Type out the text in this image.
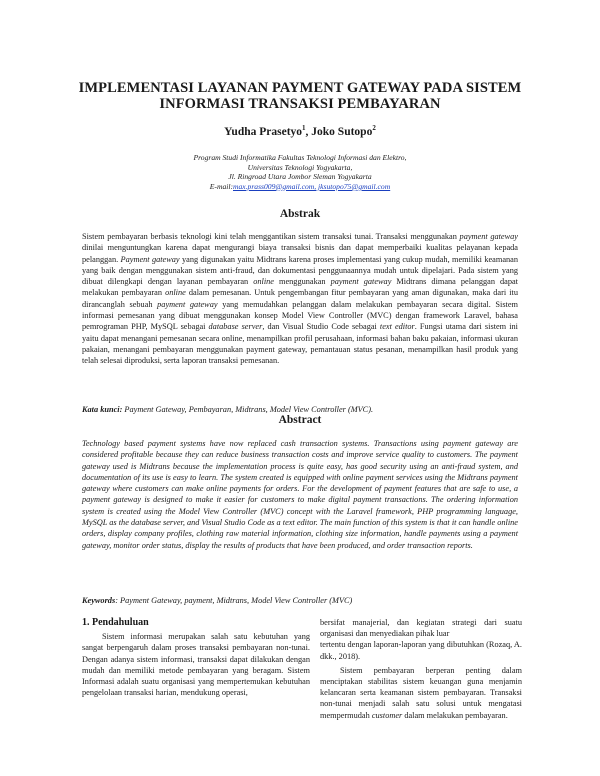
IMPLEMENTASI LAYANAN PAYMENT GATEWAY PADA SISTEM INFORMASI TRANSAKSI PEMBAYARAN
Yudha Prasetyo$^1$, Joko Sutopo$^2$
Program Studi Informatika Fakultas Teknologi Informasi dan Elektro,
Universitas Teknologi Yogyakarta,
Jl. Ringroad Utara Jombor Sleman Yogyakarta
E-mail:max.prass009@gmail.com, jksutopo75@gmail.com
Abstrak
Sistem pembayaran berbasis teknologi kini telah menggantikan sistem transaksi tunai. Transaksi menggunakan payment gateway dinilai menguntungkan karena dapat mengurangi biaya transaksi bisnis dan dapat memperbaiki kualitas pelayanan kepada pelanggan. Payment gateway yang digunakan yaitu Midtrans karena proses implementasi yang cukup mudah, memiliki keamanan yang baik dengan menggunakan sistem anti-fraud, dan dokumentasi penggunaannya mudah untuk dipelajari. Pada sistem yang dibuat dilengkapi dengan layanan pembayaran online menggunakan payment gateway Midtrans dimana pelanggan dapat melakukan pembayaran online dalam pemesanan. Untuk pengembangan fitur pembayaran yang aman digunakan, maka dari itu dirancanglah sebuah payment gateway yang memudahkan pelanggan dalam melakukan pembayaran secara digital. Sistem informasi pemesanan yang dibuat menggunakan konsep Model View Controller (MVC) dengan framework Laravel, bahasa pemrograman PHP, MySQL sebagai database server, dan Visual Studio Code sebagai text editor. Fungsi utama dari sistem ini yaitu dapat menangani pemesanan secara online, menampilkan profil perusahaan, informasi bahan baku pakaian, informasi ukuran pakaian, menangani pembayaran menggunakan payment gateway, pemantauan status pesanan, menampilkan hasil produk yang telah selesai diproduksi, serta laporan transaksi pemesanan.
Kata kunci: Payment Gateway, Pembayaran, Midtrans, Model View Controller (MVC).
Abstract
Technology based payment systems have now replaced cash transaction systems. Transactions using payment gateway are considered profitable because they can reduce business transaction costs and improve service quality to customers. The payment gateway used is Midtrans because the implementation process is quite easy, has good security using an anti-fraud system, and documentation of its use is easy to learn. The system created is equipped with online payment services using the Midtrans payment gateway where customers can make online payments for orders. For the development of payment features that are safe to use, a payment gateway is designed to make it easier for customers to make digital payment transactions. The ordering information system is created using the Model View Controller (MVC) concept with the Laravel framework, PHP programming language, MySQL as the database server, and Visual Studio Code as a text editor. The main function of this system is that it can handle online orders, display company profiles, clothing raw material information, clothing size information, handle payments using a payment gateway, monitor order status, display the results of products that have been produced, and order transaction reports.
Keywords: Payment Gateway, payment, Midtrans, Model View Controller (MVC)

1. Pendahuluan

Sistem informasi merupakan salah satu kebutuhan yang sangat berpengaruh dalam proses transaksi pembayaran non-tunai. Dengan adanya sistem informasi, transaksi dapat dilakukan dengan mudah dan memiliki metode pembayaran yang beragam. Sistem Informasi adalah suatu organisasi yang mempertemukan kebutuhan pengelolaan transaksi harian, mendukung operasi,

bersifat manajerial, dan kegiatan strategi dari suatu organisasi dan menyediakan pihak luar

tertentu dengan laporan-laporan yang dibutuhkan (Rozaq, A. dkk., 2018).

Sistem pembayaran berperan penting dalam menciptakan stabilitas sistem keuangan guna menjamin kelancaran serta keamanan sistem pembayaran. Transaksi non-tunai menjadi salah satu solusi untuk mengatasi mempermudah customer dalam melakukan pembayaran.
